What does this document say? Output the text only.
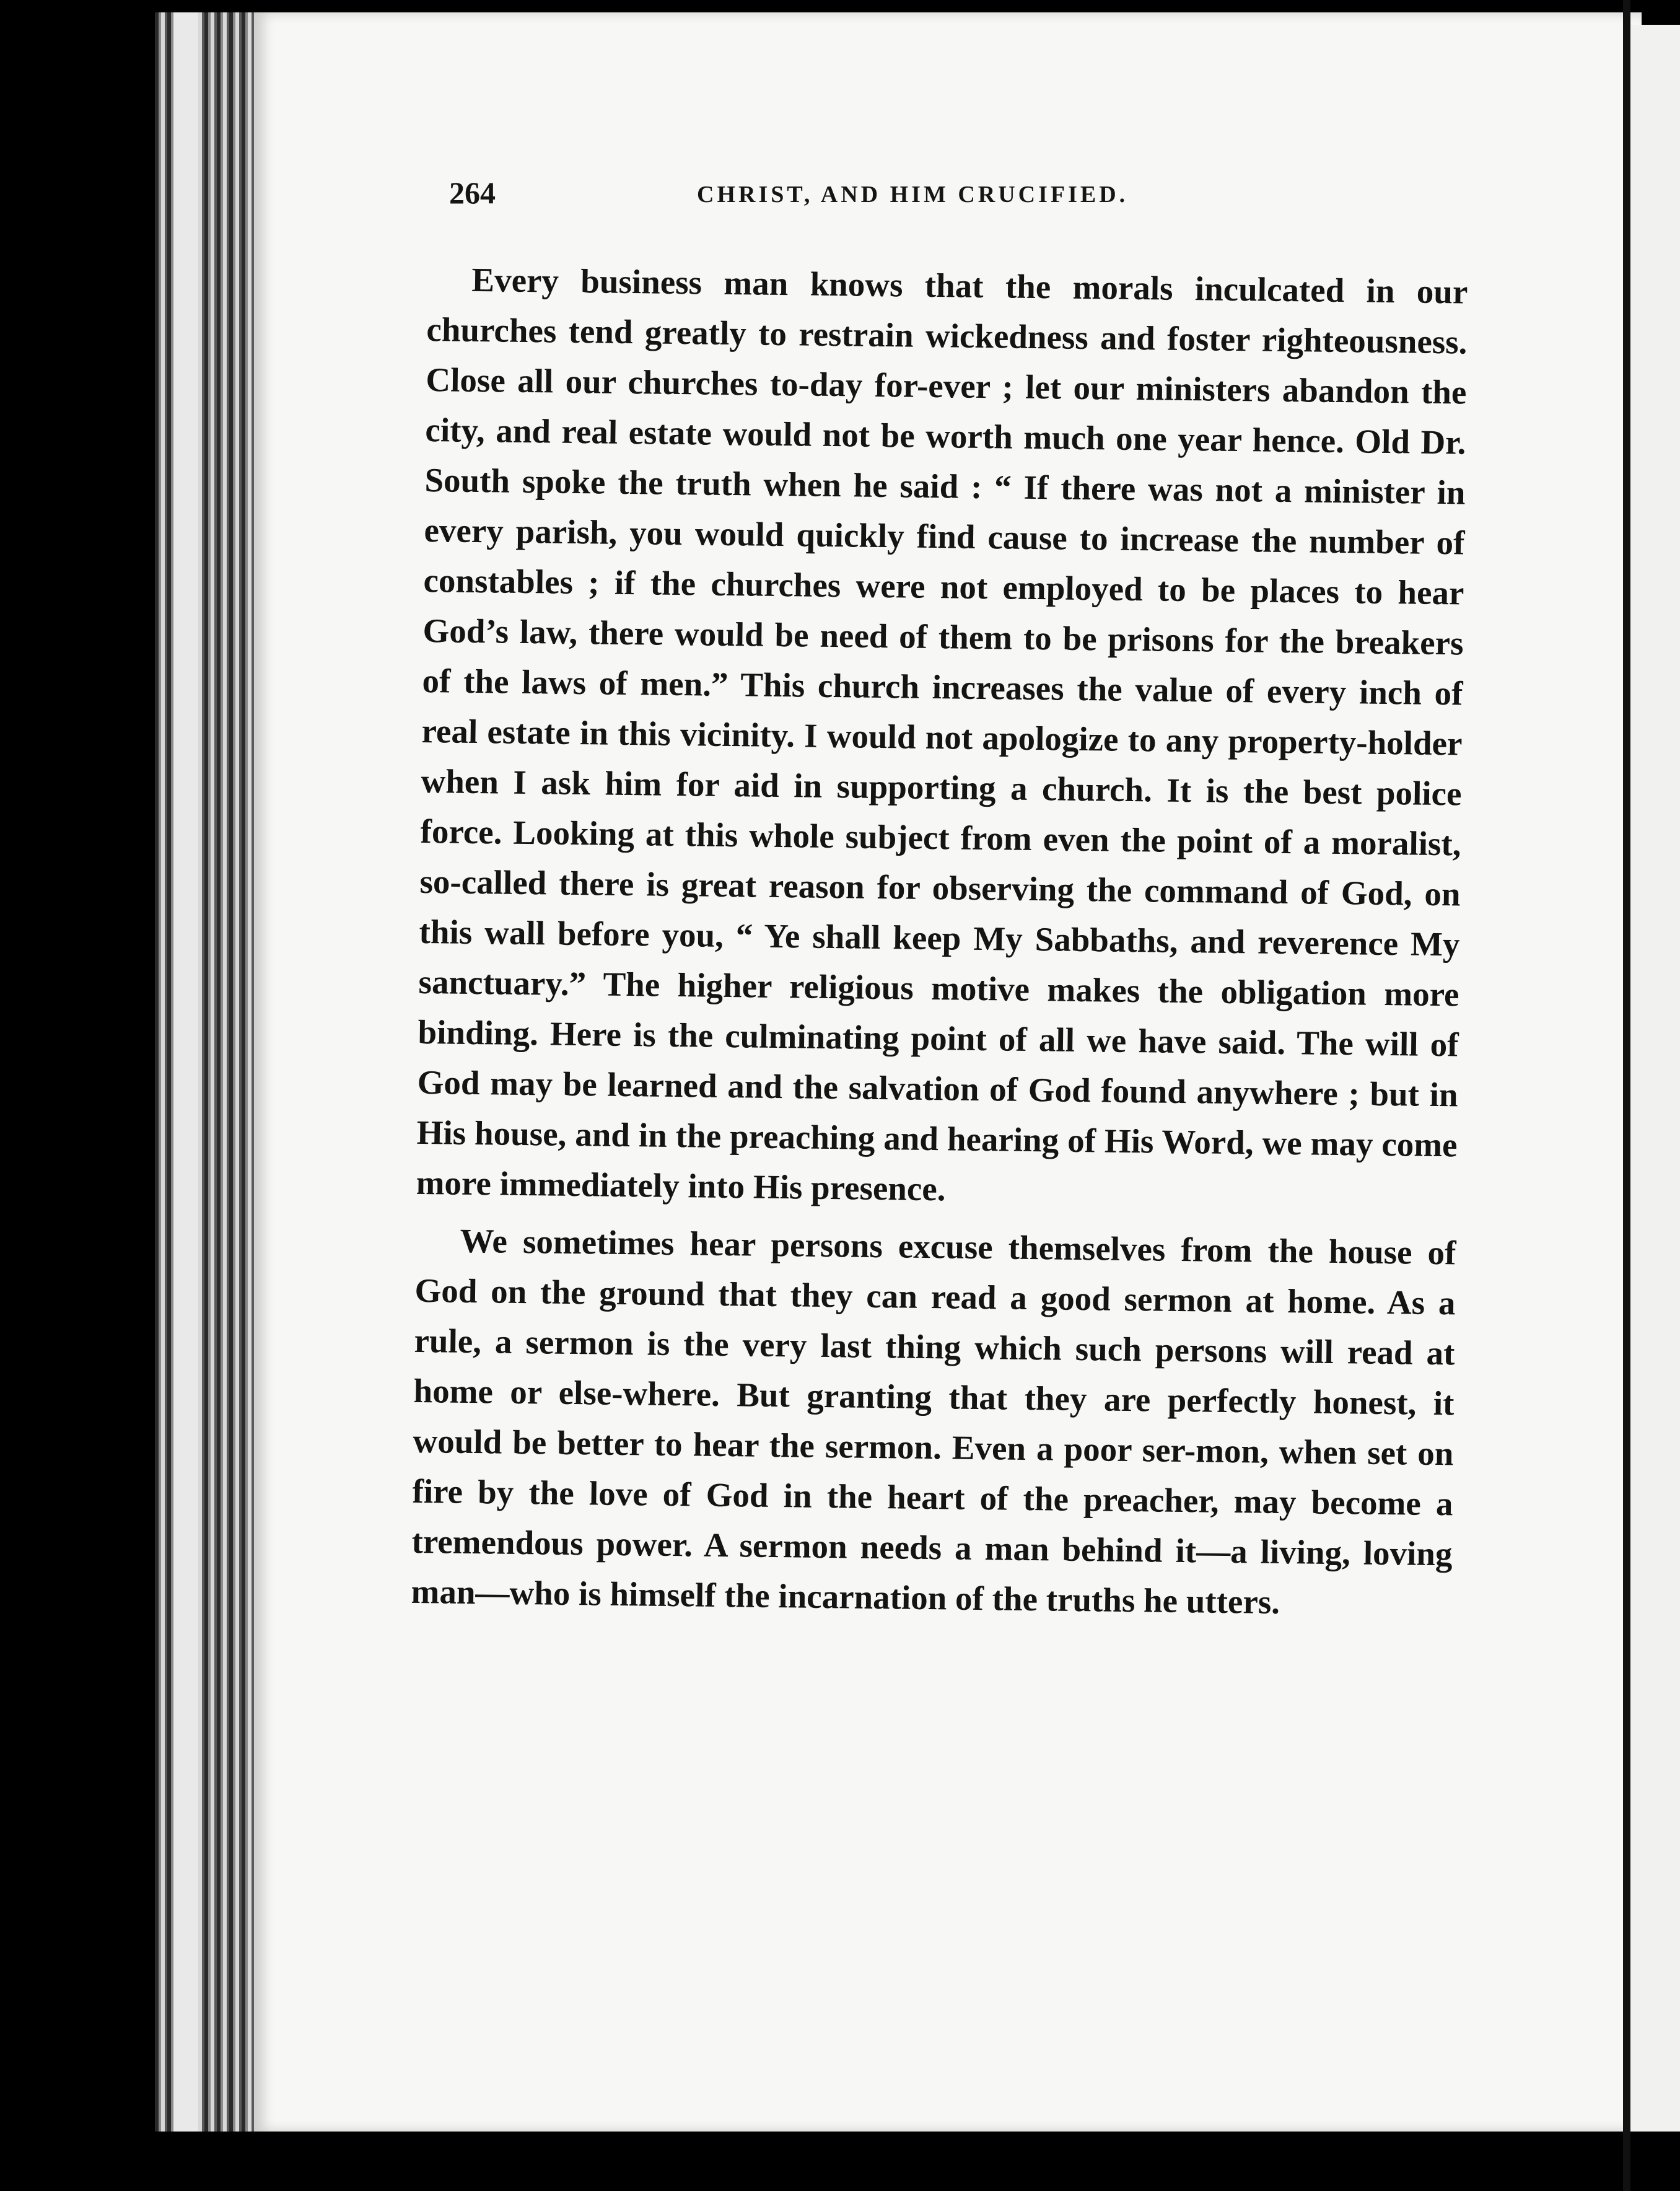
264	CHRIST, AND HIM CRUCIFIED.

Every business man knows that the morals inculcated in our churches tend greatly to restrain wickedness and foster righteousness. Close all our churches to-day for-ever ; let our ministers abandon the city, and real estate would not be worth much one year hence. Old Dr. South spoke the truth when he said : “ If there was not a minister in every parish, you would quickly find cause to increase the number of constables ; if the churches were not employed to be places to hear God’s law, there would be need of them to be prisons for the breakers of the laws of men.” This church increases the value of every inch of real estate in this vicinity. I would not apologize to any property-holder when I ask him for aid in supporting a church. It is the best police force. Looking at this whole subject from even the point of a moralist, so-called there is great reason for observing the command of God, on this wall before you, “ Ye shall keep My Sabbaths, and reverence My sanctuary.” The higher religious motive makes the obligation more binding. Here is the culminating point of all we have said. The will of God may be learned and the salvation of God found anywhere ; but in His house, and in the preaching and hearing of His Word, we may come more immediately into His presence.

We sometimes hear persons excuse themselves from the house of God on the ground that they can read a good sermon at home. As a rule, a sermon is the very last thing which such persons will read at home or else-where. But granting that they are perfectly honest, it would be better to hear the sermon. Even a poor ser-mon, when set on fire by the love of God in the heart of the preacher, may become a tremendous power. A sermon needs a man behind it—a living, loving man—who is himself the incarnation of the truths he utters.
